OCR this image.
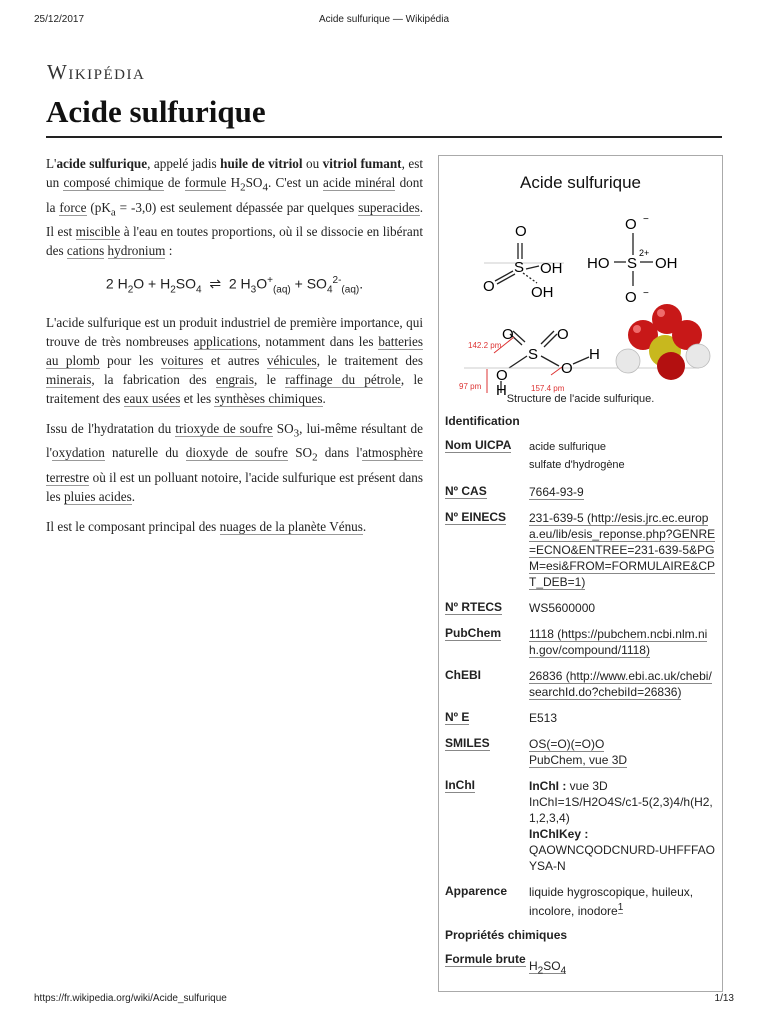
25/12/2017	Acide sulfurique — Wikipédia
Wikipédia
Acide sulfurique

L'acide sulfurique, appelé jadis huile de vitriol ou vitriol fumant, est un composé chimique de formule $H_2SO_4$. C'est un acide minéral dont la force $(pK_a = -3,0)$ est seulement dépassée par quelques superacides. Il est miscible à l'eau en toutes proportions, où il se dissocie en libérant des cations hydronium :

2 $H_2O + H_2SO_4$ ⇌ 2 $H_3O^+_{(aq)} + SO_4^{2-}_{(aq)}$.

L'acide sulfurique est un produit industriel de première importance, qui trouve de très nombreuses applications, notamment dans les batteries au plomb pour les voitures et autres véhicules, le traitement des minerais, la fabrication des engrais, le raffinage du pétrole, le traitement des eaux usées et les synthèses chimiques.

Issu de l'hydratation du trioxyde de soufre $SO_3$, lui-même résultant de l'oxydation naturelle du dioxyde de soufre $SO_2$ dans l'atmosphère terrestre où il est un polluant notoire, l'acide sulfurique est présent dans les pluies acides.

Il est le composant principal des nuages de la planète Vénus.

Acide sulfurique
O
S
O
OH
OH
O
S
2+
HO	OH
O
−
−
O	O
S
O	O
H
H
142.2 pm
97 pm	157.4 pm
Structure de l'acide sulfurique.
Identification
Nom UICPA	acide sulfurique
sulfate d'hydrogène
Nº CAS	7664-93-9
Nº EINECS	231-639-5 (http://esis.jrc.ec.europa.eu/lib/esis_reponse.php?GENRE=ECNO&ENTREE=231-639-5&PGM=esi&FROM=FORMULAIRE&CPT_DEB=1)
Nº RTECS	WS5600000
PubChem	1118 (https://pubchem.ncbi.nlm.nih.gov/compound/1118)
ChEBI	26836 (http://www.ebi.ac.uk/chebi/searchId.do?chebiId=26836)
Nº E	E513
SMILES	OS(=O)(=O)O
PubChem, vue 3D
InChI	InChI : vue 3D
InChI=1S/H2O4S/c1-5(2,3)4/h(H2,1,2,3,4)
InChIKey :
QAOWNCQODCNURD-UHFFFAOYSA-N
Apparence	liquide hygroscopique, huileux, incolore, inodore$^1$
Propriétés chimiques
Formule brute $H_2SO_4$
https://fr.wikipedia.org/wiki/Acide_sulfurique	1/13
